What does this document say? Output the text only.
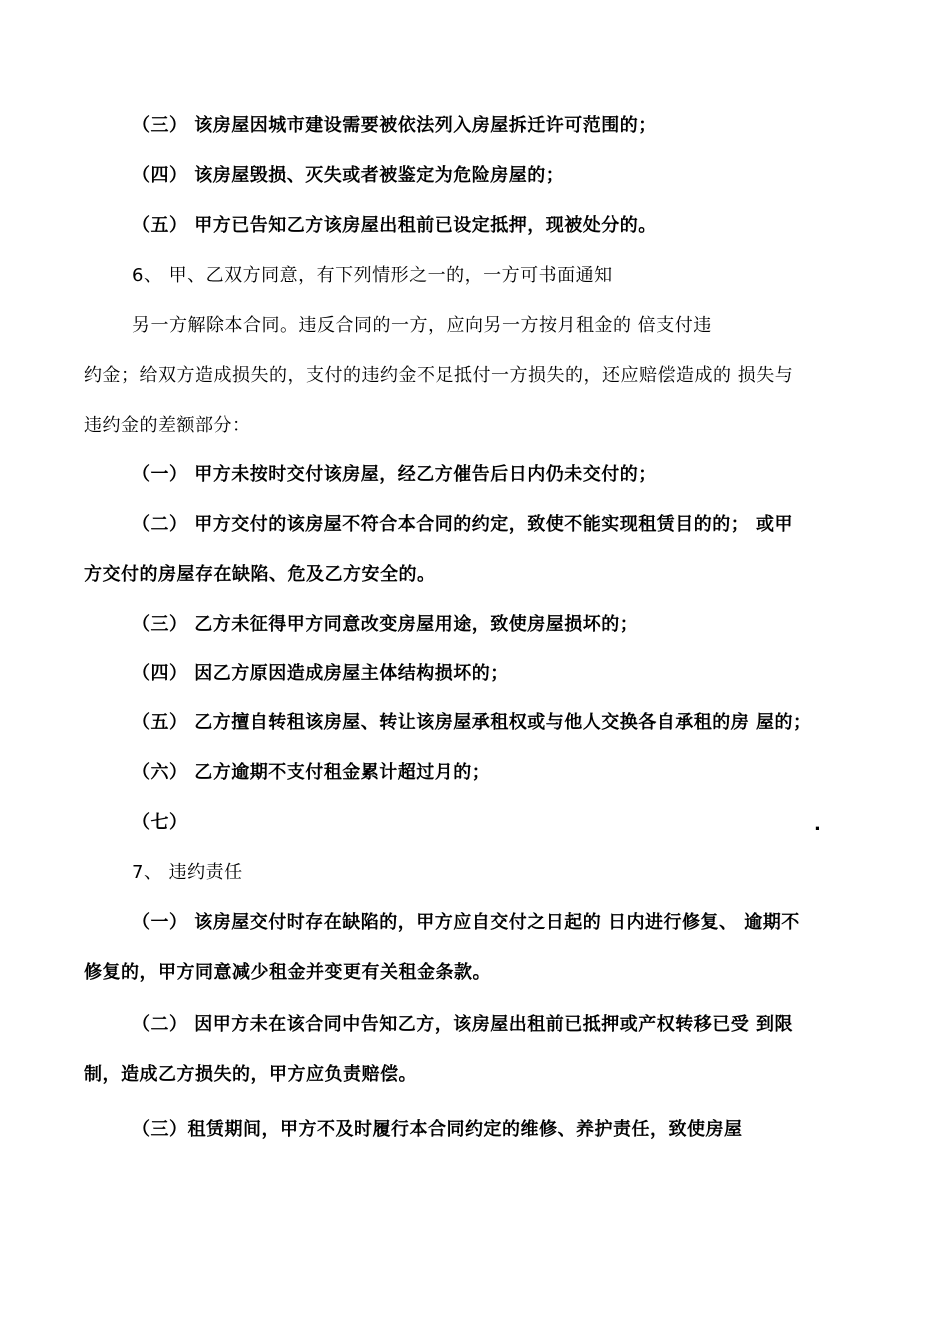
（三） 该房屋因城市建设需要被依法列入房屋拆迁许可范围的；
（四） 该房屋毁损、灭失或者被鉴定为危险房屋的；
（五） 甲方已告知乙方该房屋出租前已设定抵押，现被处分的。
6、 甲、乙双方同意，有下列情形之一的，一方可书面通知
另一方解除本合同。违反合同的一方，应向另一方按月租金的 倍支付违
约金；给双方造成损失的，支付的违约金不足抵付一方损失的，还应赔偿造成的 损失与
违约金的差额部分：
（一） 甲方未按时交付该房屋，经乙方催告后日内仍未交付的；
（二） 甲方交付的该房屋不符合本合同的约定，致使不能实现租赁目的的； 或甲
方交付的房屋存在缺陷、危及乙方安全的。
（三） 乙方未征得甲方同意改变房屋用途，致使房屋损坏的；
（四） 因乙方原因造成房屋主体结构损坏的；
（五） 乙方擅自转租该房屋、转让该房屋承租权或与他人交换各自承租的房 屋的；
（六） 乙方逾期不支付租金累计超过月的；
（七）	.
7、 违约责任
（一） 该房屋交付时存在缺陷的，甲方应自交付之日起的 日内进行修复、 逾期不
修复的，甲方同意减少租金并变更有关租金条款。
（二） 因甲方未在该合同中告知乙方，该房屋出租前已抵押或产权转移已受 到限
制，造成乙方损失的，甲方应负责赔偿。
（三）租赁期间，甲方不及时履行本合同约定的维修、养护责任，致使房屋
